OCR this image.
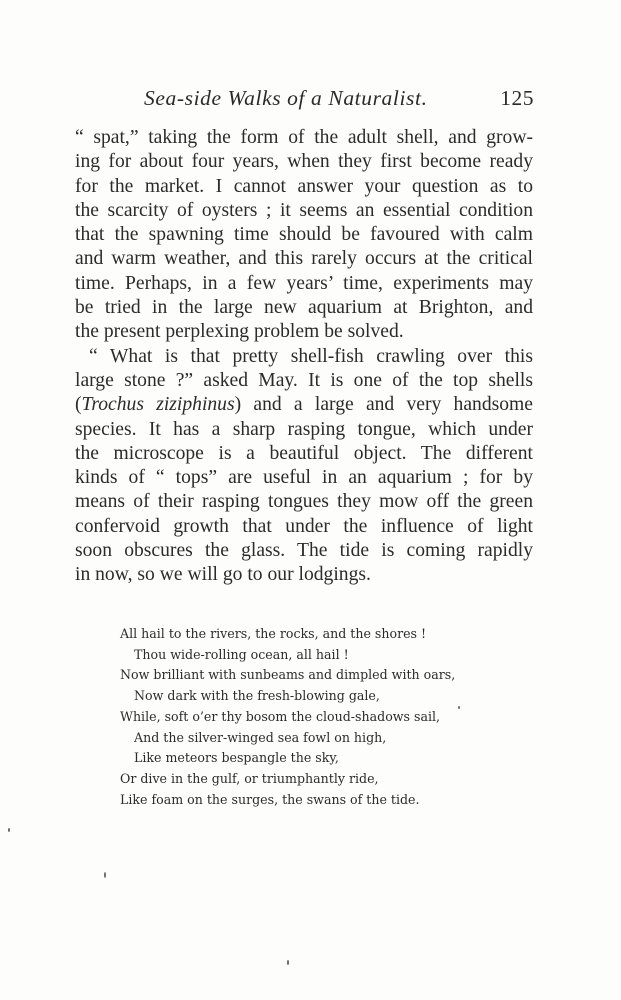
Sea-side Walks of a Naturalist.	125

“ spat,” taking the form of the adult shell, and grow-
ing for about four years, when they first become ready
for the market. I cannot answer your question as to
the scarcity of oysters ; it seems an essential condition
that the spawning time should be favoured with calm
and warm weather, and this rarely occurs at the critical
time. Perhaps, in a few years’ time, experiments may
be tried in the large new aquarium at Brighton, and
the present perplexing problem be solved.

“ What is that pretty shell-fish crawling over this
large stone ?” asked May. It is one of the top shells
(Trochus ziziphinus) and a large and very handsome
species. It has a sharp rasping tongue, which under
the microscope is a beautiful object. The different
kinds of “ tops” are useful in an aquarium ; for by
means of their rasping tongues they mow off the green
confervoid growth that under the influence of light
soon obscures the glass. The tide is coming rapidly
in now, so we will go to our lodgings.

All hail to the rivers, the rocks, and the shores !
Thou wide-rolling ocean, all hail !
Now brilliant with sunbeams and dimpled with oars,
Now dark with the fresh-blowing gale,
While, soft o’er thy bosom the cloud-shadows sail,
And the silver-winged sea fowl on high,
Like meteors bespangle the sky,
Or dive in the gulf, or triumphantly ride,
Like foam on the surges, the swans of the tide.
